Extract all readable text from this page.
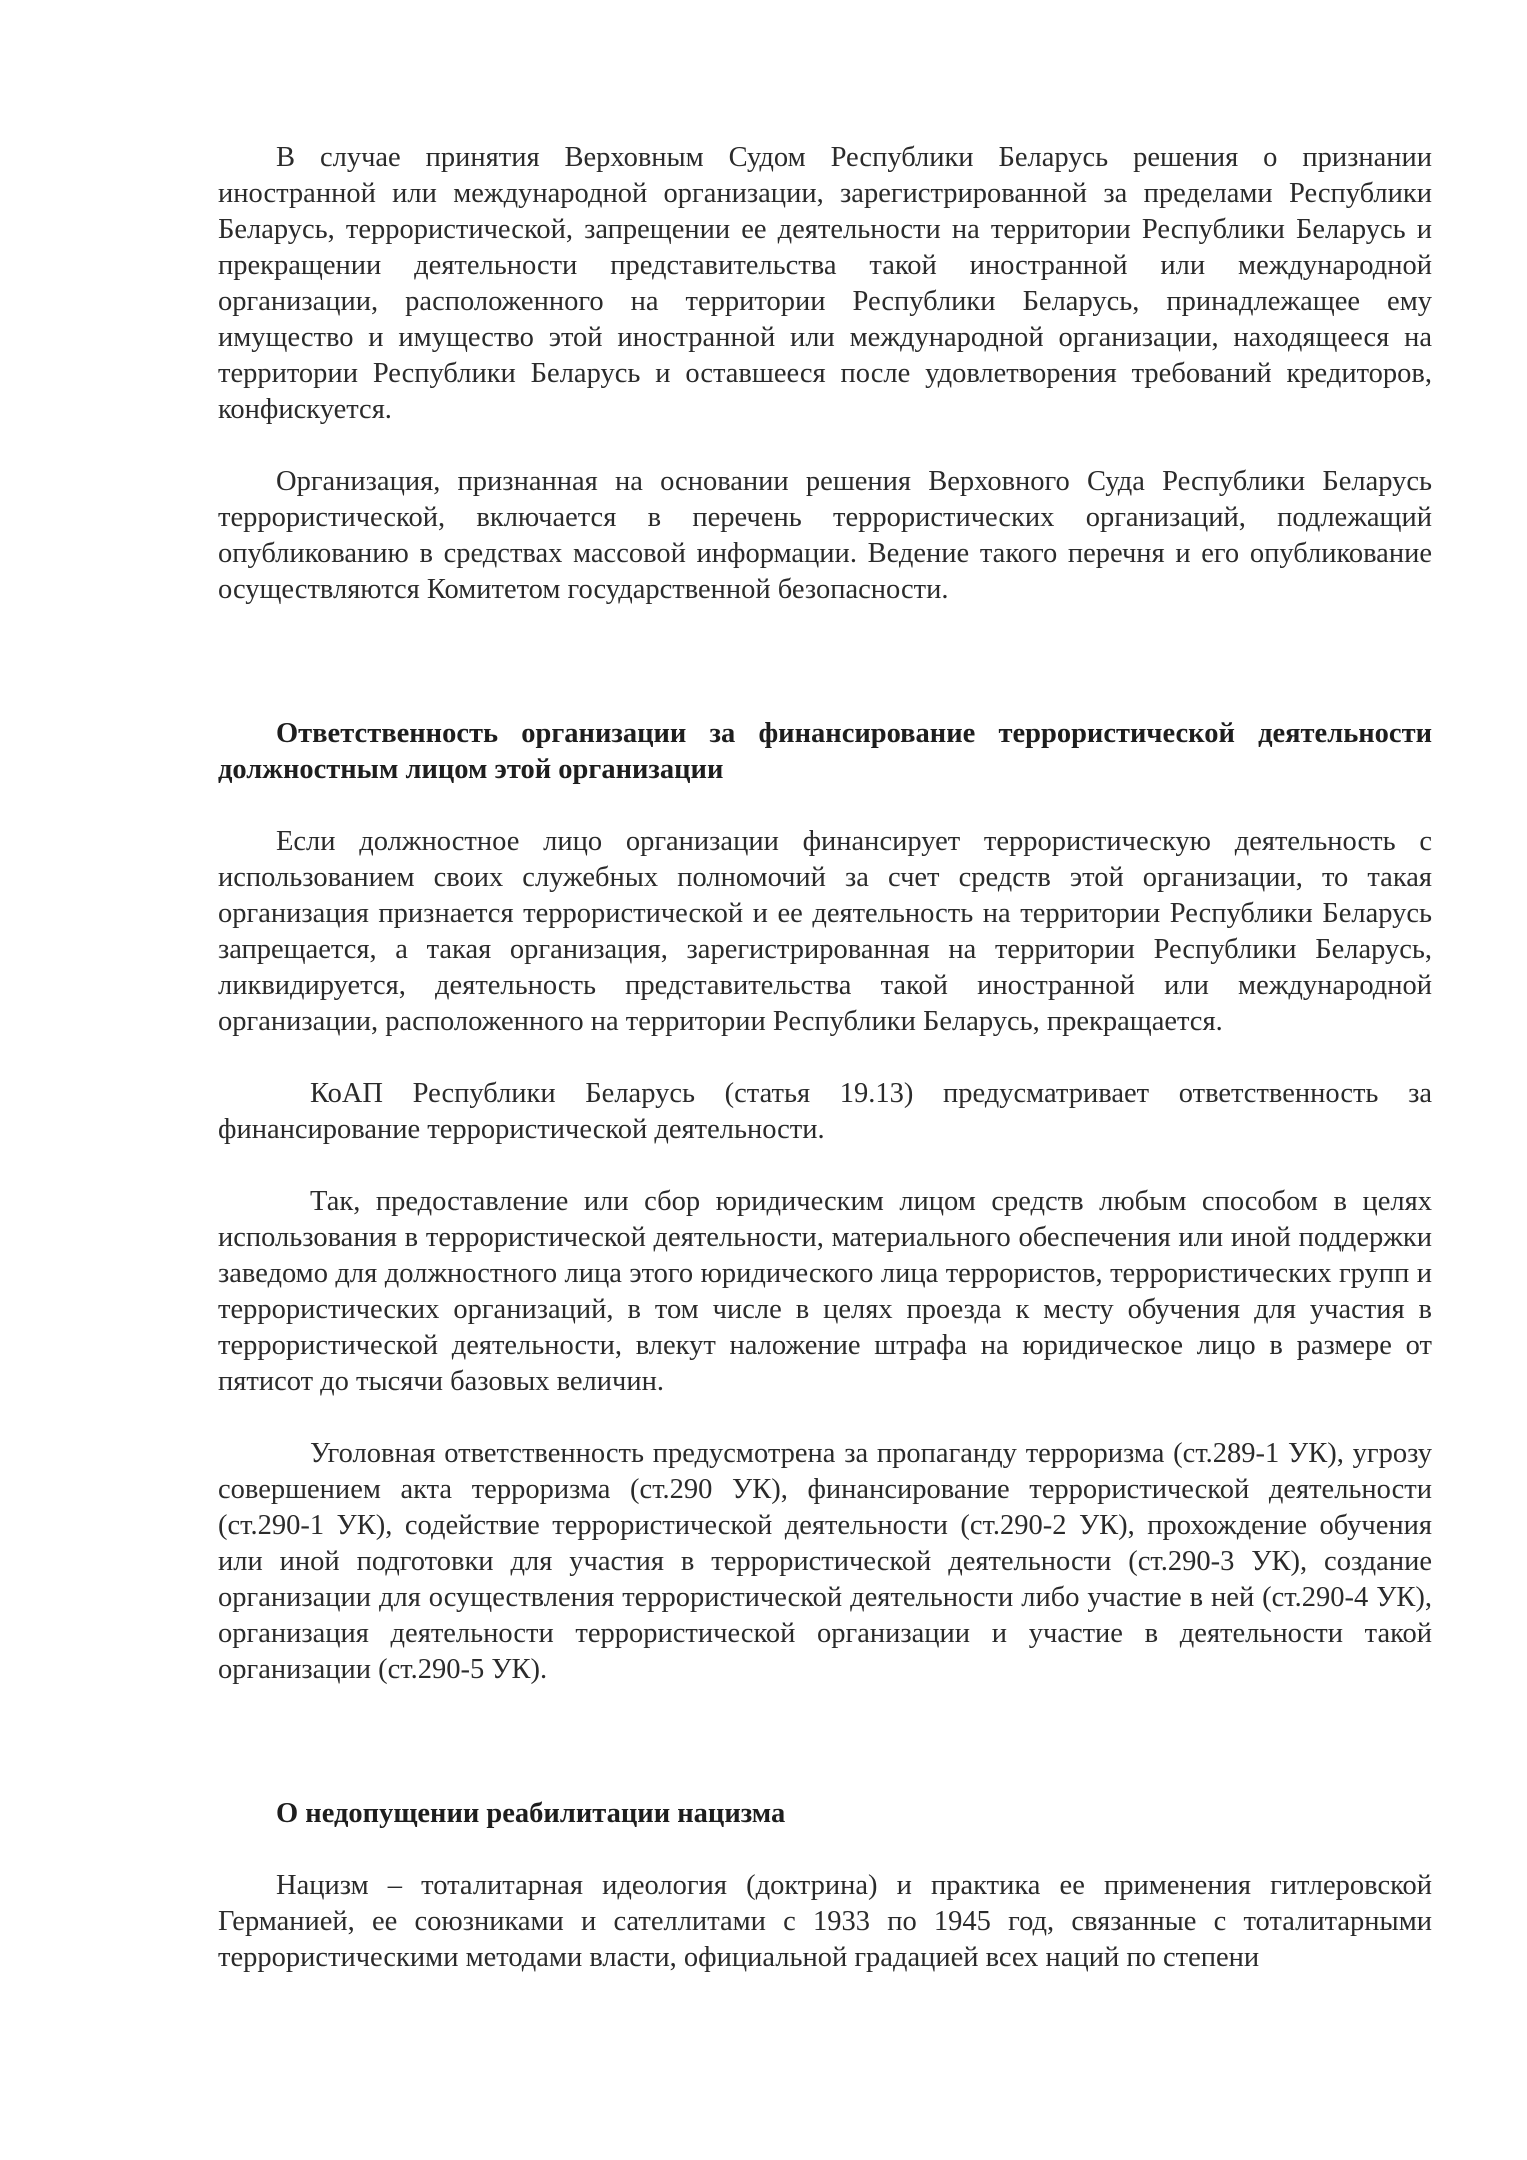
В случае принятия Верховным Судом Республики Беларусь решения о признании иностранной или международной организации, зарегистрированной за пределами Республики Беларусь, террористической, запрещении ее деятельности на территории Республики Беларусь и прекращении деятельности представительства такой иностранной или международной организации, расположенного на территории Республики Беларусь, принадлежащее ему имущество и имущество этой иностранной или международной организации, находящееся на территории Республики Беларусь и оставшееся после удовлетворения требований кредиторов, конфискуется.

Организация, признанная на основании решения Верховного Суда Республики Беларусь террористической, включается в перечень террористических организаций, подлежащий опубликованию в средствах массовой информации. Ведение такого перечня и его опубликование осуществляются Комитетом государственной безопасности.

Ответственность организации за финансирование террористической деятельности должностным лицом этой организации

Если должностное лицо организации финансирует террористическую деятельность с использованием своих служебных полномочий за счет средств этой организации, то такая организация признается террористической и ее деятельность на территории Республики Беларусь запрещается, а такая организация, зарегистрированная на территории Республики Беларусь, ликвидируется, деятельность представительства такой иностранной или международной организации, расположенного на территории Республики Беларусь, прекращается.

КоАП Республики Беларусь (статья 19.13) предусматривает ответственность за финансирование террористической деятельности.

Так, предоставление или сбор юридическим лицом средств любым способом в целях использования в террористической деятельности, материального обеспечения или иной поддержки заведомо для должностного лица этого юридического лица террористов, террористических групп и террористических организаций, в том числе в целях проезда к месту обучения для участия в террористической деятельности, влекут наложение штрафа на юридическое лицо в размере от пятисот до тысячи базовых величин.

Уголовная ответственность предусмотрена за пропаганду терроризма (ст.289-1 УК), угрозу совершением акта терроризма (ст.290 УК), финансирование террористической деятельности (ст.290-1 УК), содействие террористической деятельности (ст.290-2 УК), прохождение обучения или иной подготовки для участия в террористической деятельности (ст.290-3 УК), создание организации для осуществления террористической деятельности либо участие в ней (ст.290-4 УК), организация деятельности террористической организации и участие в деятельности такой организации (ст.290-5 УК).

О недопущении реабилитации нацизма

Нацизм – тоталитарная идеология (доктрина) и практика ее применения гитлеровской Германией, ее союзниками и сателлитами с 1933 по 1945 год, связанные с тоталитарными террористическими методами власти, официальной градацией всех наций по степени
